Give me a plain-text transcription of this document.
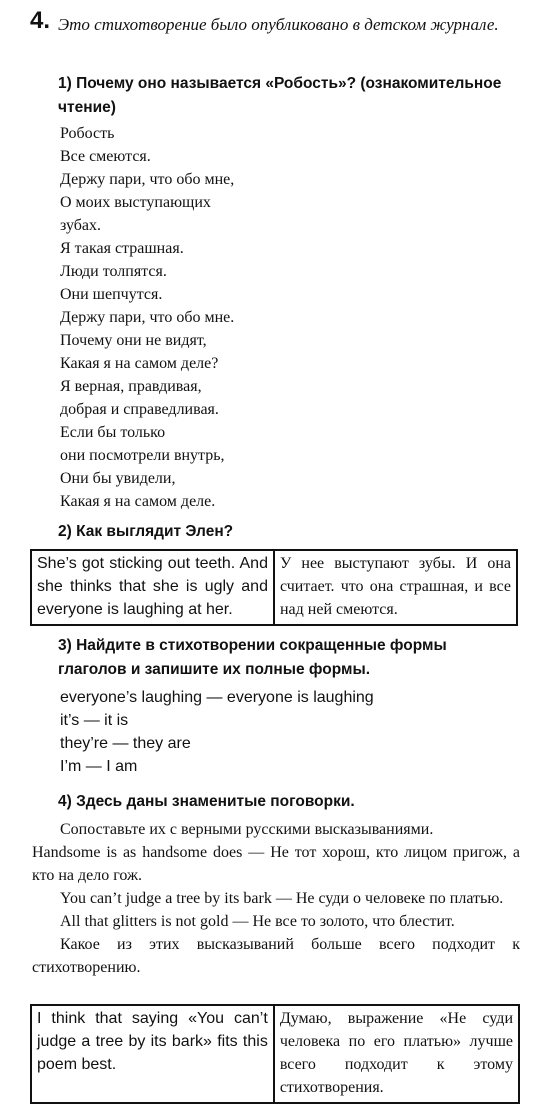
4. Это стихотворение было опубликовано в детском журнале.
1) Почему оно называется «Робость»? (ознакомительное чтение)
Робость
Все смеются.
Держу пари, что обо мне,
О моих выступающих
зубах.
Я такая страшная.
Люди толпятся.
Они шепчутся.
Держу пари, что обо мне.
Почему они не видят,
Какая я на самом деле?
Я верная, правдивая,
добрая и справедливая.
Если бы только
они посмотрели внутрь,
Они бы увидели,
Какая я на самом деле.
2) Как выглядит Элен?
She’s got sticking out teeth. And she thinks that she is ugly and everyone is laughing at her.	У нее выступают зубы. И она считает. что она страшная, и все над ней смеются.
3) Найдите в стихотворении сокращенные формы глаголов и запишите их полные формы.
everyone’s laughing — everyone is laughing
it’s — it is
they’re — they are
I’m — I am
4) Здесь даны знаменитые поговорки.
Сопоставьте их с верными русскими высказываниями.
Handsome is as handsome does — Не тот хорош, кто лицом пригож, а кто на дело гож.
You can’t judge a tree by its bark — Не суди о человеке по платью.
All that glitters is not gold — Не все то золото, что блестит.
Какое из этих высказываний больше всего подходит к стихотворению.
I think that saying «You can’t judge a tree by its bark» fits this poem best.	Думаю, выражение «Не суди человека по его платью» лучше всего подходит к этому стихотворения.
